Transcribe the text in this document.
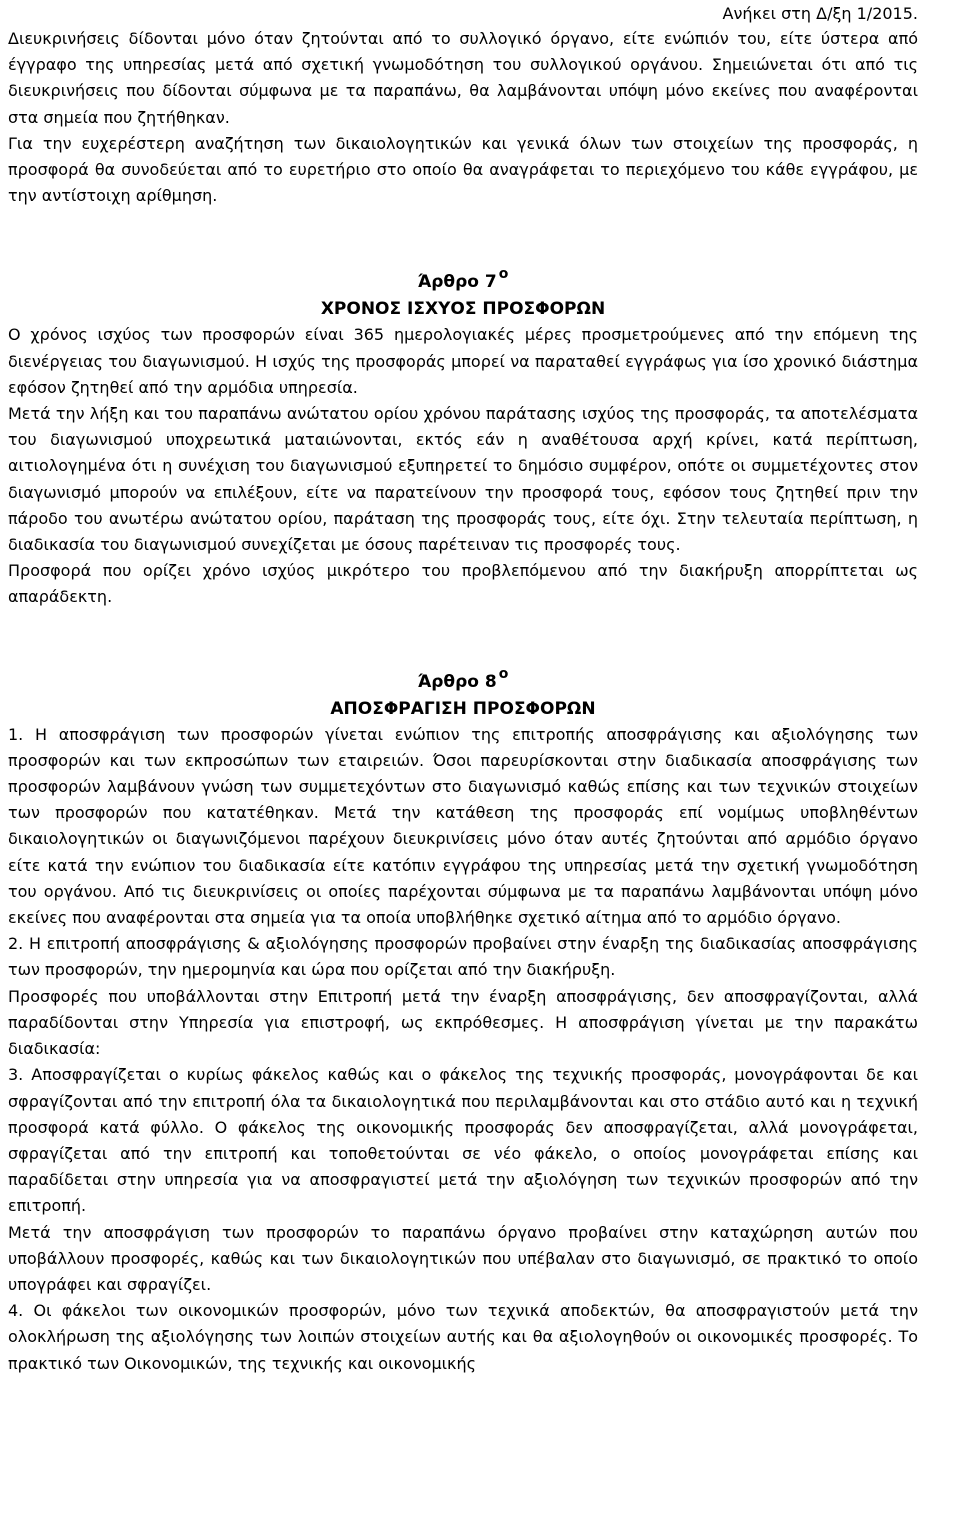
Ανήκει στη Δ/ξη 1/2015.

Διευκρινήσεις δίδονται μόνο όταν ζητούνται από το συλλογικό όργανο, είτε ενώπιόν του, είτε ύστερα από έγγραφο της υπηρεσίας μετά από σχετική γνωμοδότηση του συλλογικού οργάνου. Σημειώνεται ότι από τις διευκρινήσεις που δίδονται σύμφωνα με τα παραπάνω, θα λαμβάνονται υπόψη μόνο εκείνες που αναφέρονται στα σημεία που ζητήθηκαν.

Για την ευχερέστερη αναζήτηση των δικαιολογητικών και γενικά όλων των στοιχείων της προσφοράς, η προσφορά θα συνοδεύεται από το ευρετήριο στο οποίο θα αναγράφεται το περιεχόμενο του κάθε εγγράφου, με την αντίστοιχη αρίθμηση.

Άρθρο 7 $^o$
ΧΡΟΝΟΣ ΙΣΧΥΟΣ ΠΡΟΣΦΟΡΩΝ

Ο χρόνος ισχύος των προσφορών είναι 365 ημερολογιακές μέρες προσμετρούμενες από την επόμενη της διενέργειας του διαγωνισμού. Η ισχύς της προσφοράς μπορεί να παραταθεί εγγράφως για ίσο χρονικό διάστημα εφόσον ζητηθεί από την αρμόδια υπηρεσία.

Μετά την λήξη και του παραπάνω ανώτατου ορίου χρόνου παράτασης ισχύος της προσφοράς, τα αποτελέσματα του διαγωνισμού υποχρεωτικά ματαιώνονται, εκτός εάν η αναθέτουσα αρχή κρίνει, κατά περίπτωση, αιτιολογημένα ότι η συνέχιση του διαγωνισμού εξυπηρετεί το δημόσιο συμφέρον, οπότε οι συμμετέχοντες στον διαγωνισμό μπορούν να επιλέξουν, είτε να παρατείνουν την προσφορά τους, εφόσον τους ζητηθεί πριν την πάροδο του ανωτέρω ανώτατου ορίου, παράταση της προσφοράς τους, είτε όχι. Στην τελευταία περίπτωση, η διαδικασία του διαγωνισμού συνεχίζεται με όσους παρέτειναν τις προσφορές τους.

Προσφορά που ορίζει χρόνο ισχύος μικρότερο του προβλεπόμενου από την διακήρυξη απορρίπτεται ως απαράδεκτη.

Άρθρο 8 $^o$
ΑΠΟΣΦΡΑΓΙΣΗ ΠΡΟΣΦΟΡΩΝ

1. Η αποσφράγιση των προσφορών γίνεται ενώπιον της επιτροπής αποσφράγισης και αξιολόγησης των προσφορών και των εκπροσώπων των εταιρειών. Όσοι παρευρίσκονται στην διαδικασία αποσφράγισης των προσφορών λαμβάνουν γνώση των συμμετεχόντων στο διαγωνισμό καθώς επίσης και των τεχνικών στοιχείων των προσφορών που κατατέθηκαν. Μετά την κατάθεση της προσφοράς επί νομίμως υποβληθέντων δικαιολογητικών οι διαγωνιζόμενοι παρέχουν διευκρινίσεις μόνο όταν αυτές ζητούνται από αρμόδιο όργανο είτε κατά την ενώπιον του διαδικασία είτε κατόπιν εγγράφου της υπηρεσίας μετά την σχετική γνωμοδότηση του οργάνου. Από τις διευκρινίσεις οι οποίες παρέχονται σύμφωνα με τα παραπάνω λαμβάνονται υπόψη μόνο εκείνες που αναφέρονται στα σημεία για τα οποία υποβλήθηκε σχετικό αίτημα από το αρμόδιο όργανο.

2. Η επιτροπή αποσφράγισης & αξιολόγησης προσφορών προβαίνει στην έναρξη της διαδικασίας αποσφράγισης των προσφορών, την ημερομηνία και ώρα που ορίζεται από την διακήρυξη.

Προσφορές που υποβάλλονται στην Επιτροπή μετά την έναρξη αποσφράγισης, δεν αποσφραγίζονται, αλλά παραδίδονται στην Υπηρεσία για επιστροφή, ως εκπρόθεσμες. Η αποσφράγιση γίνεται με την παρακάτω διαδικασία:

3. Αποσφραγίζεται ο κυρίως φάκελος καθώς και ο φάκελος της τεχνικής προσφοράς, μονογράφονται δε και σφραγίζονται από την επιτροπή όλα τα δικαιολογητικά που περιλαμβάνονται και στο στάδιο αυτό και η τεχνική προσφορά κατά φύλλο. Ο φάκελος της οικονομικής προσφοράς δεν αποσφραγίζεται, αλλά μονογράφεται, σφραγίζεται από την επιτροπή και τοποθετούνται σε νέο φάκελο, ο οποίος μονογράφεται επίσης και παραδίδεται στην υπηρεσία για να αποσφραγιστεί μετά την αξιολόγηση των τεχνικών προσφορών από την επιτροπή.

Μετά την αποσφράγιση των προσφορών το παραπάνω όργανο προβαίνει στην καταχώρηση αυτών που υποβάλλουν προσφορές, καθώς και των δικαιολογητικών που υπέβαλαν στο διαγωνισμό, σε πρακτικό το οποίο υπογράφει και σφραγίζει.

4. Οι φάκελοι των οικονομικών προσφορών, μόνο των τεχνικά αποδεκτών, θα αποσφραγιστούν μετά την ολοκλήρωση της αξιολόγησης των λοιπών στοιχείων αυτής και θα αξιολογηθούν οι οικονομικές προσφορές. Το πρακτικό των Οικονομικών, της τεχνικής και οικονομικής
